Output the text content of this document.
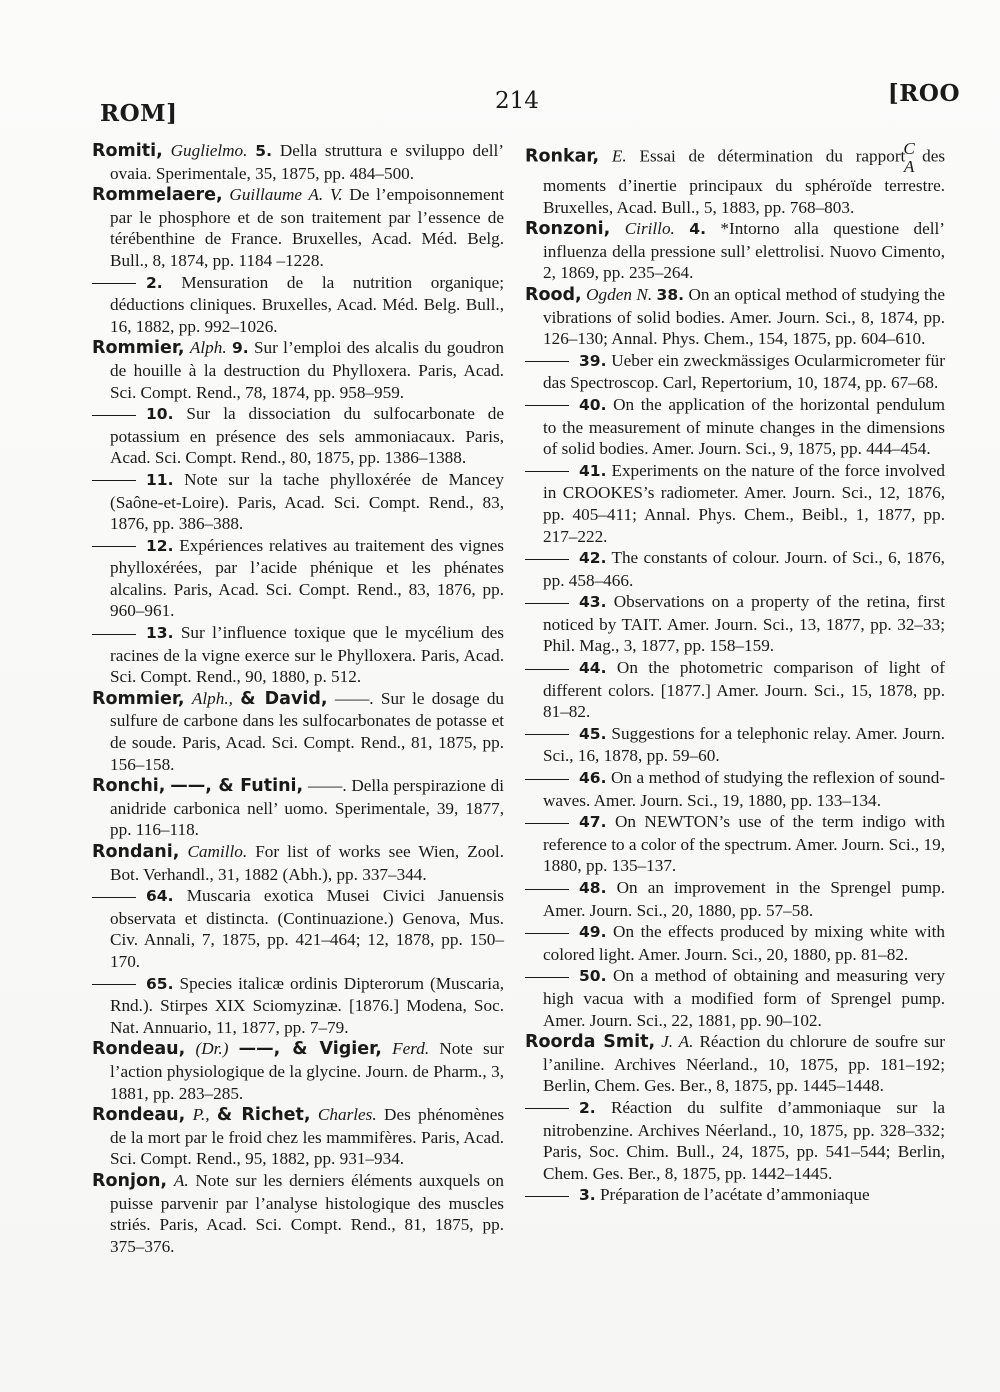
ROM]	214	[ROO
Romiti, Guglielmo. 5. Della struttura e sviluppo dell’ ovaia. Sperimentale, 35, 1875, pp. 484–500.
Rommelaere, Guillaume A. V. De l’empoisonnement par le phosphore et de son traitement par l’essence de térébenthine de France. Bruxelles, Acad. Méd. Belg. Bull., 8, 1874, pp. 1184 –1228.
2. Mensuration de la nutrition organique; déductions cliniques. Bruxelles, Acad. Méd. Belg. Bull., 16, 1882, pp. 992–1026.
Rommier, Alph. 9. Sur l’emploi des alcalis du goudron de houille à la destruction du Phylloxera. Paris, Acad. Sci. Compt. Rend., 78, 1874, pp. 958–959.
10. Sur la dissociation du sulfocarbonate de potassium en présence des sels ammoniacaux. Paris, Acad. Sci. Compt. Rend., 80, 1875, pp. 1386–1388.
11. Note sur la tache phylloxérée de Mancey (Saône-et-Loire). Paris, Acad. Sci. Compt. Rend., 83, 1876, pp. 386–388.
12. Expériences relatives au traitement des vignes phylloxérées, par l’acide phénique et les phénates alcalins. Paris, Acad. Sci. Compt. Rend., 83, 1876, pp. 960–961.
13. Sur l’influence toxique que le mycélium des racines de la vigne exerce sur le Phylloxera. Paris, Acad. Sci. Compt. Rend., 90, 1880, p. 512.
Rommier, Alph., & David, ——. Sur le dosage du sulfure de carbone dans les sulfocarbonates de potasse et de soude. Paris, Acad. Sci. Compt. Rend., 81, 1875, pp. 156–158.
Ronchi, ——, & Futini, ——. Della perspirazione di anidride carbonica nell’ uomo. Sperimentale, 39, 1877, pp. 116–118.
Rondani, Camillo. For list of works see Wien, Zool. Bot. Verhandl., 31, 1882 (Abh.), pp. 337–344.
64. Muscaria exotica Musei Civici Januensis observata et distincta. (Continuazione.) Genova, Mus. Civ. Annali, 7, 1875, pp. 421–464; 12, 1878, pp. 150–170.
65. Species italicæ ordinis Dipterorum (Muscaria, Rnd.). Stirpes XIX Sciomyzinæ. [1876.] Modena, Soc. Nat. Annuario, 11, 1877, pp. 7–79.
Rondeau, (Dr.) ——, & Vigier, Ferd. Note sur l’action physiologique de la glycine. Journ. de Pharm., 3, 1881, pp. 283–285.
Rondeau, P., & Richet, Charles. Des phénomènes de la mort par le froid chez les mammifères. Paris, Acad. Sci. Compt. Rend., 95, 1882, pp. 931–934.
Ronjon, A. Note sur les derniers éléments auxquels on puisse parvenir par l’analyse histologique des muscles striés. Paris, Acad. Sci. Compt. Rend., 81, 1875, pp. 375–376.
Ronkar, E. Essai de détermination du rapport $\frac{C}{A}$ des moments d’inertie principaux du sphéroïde terrestre. Bruxelles, Acad. Bull., 5, 1883, pp. 768–803.
Ronzoni, Cirillo. 4. *Intorno alla questione dell’ influenza della pressione sull’ elettrolisi. Nuovo Cimento, 2, 1869, pp. 235–264.
Rood, Ogden N. 38. On an optical method of studying the vibrations of solid bodies. Amer. Journ. Sci., 8, 1874, pp. 126–130; Annal. Phys. Chem., 154, 1875, pp. 604–610.
39. Ueber ein zweckmässiges Ocularmicrometer für das Spectroscop. Carl, Repertorium, 10, 1874, pp. 67–68.
40. On the application of the horizontal pendulum to the measurement of minute changes in the dimensions of solid bodies. Amer. Journ. Sci., 9, 1875, pp. 444–454.
41. Experiments on the nature of the force involved in CROOKES’s radiometer. Amer. Journ. Sci., 12, 1876, pp. 405–411; Annal. Phys. Chem., Beibl., 1, 1877, pp. 217–222.
42. The constants of colour. Journ. of Sci., 6, 1876, pp. 458–466.
43. Observations on a property of the retina, first noticed by TAIT. Amer. Journ. Sci., 13, 1877, pp. 32–33; Phil. Mag., 3, 1877, pp. 158–159.
44. On the photometric comparison of light of different colors. [1877.] Amer. Journ. Sci., 15, 1878, pp. 81–82.
45. Suggestions for a telephonic relay. Amer. Journ. Sci., 16, 1878, pp. 59–60.
46. On a method of studying the reflexion of sound-waves. Amer. Journ. Sci., 19, 1880, pp. 133–134.
47. On NEWTON’s use of the term indigo with reference to a color of the spectrum. Amer. Journ. Sci., 19, 1880, pp. 135–137.
48. On an improvement in the Sprengel pump. Amer. Journ. Sci., 20, 1880, pp. 57–58.
49. On the effects produced by mixing white with colored light. Amer. Journ. Sci., 20, 1880, pp. 81–82.
50. On a method of obtaining and measuring very high vacua with a modified form of Sprengel pump. Amer. Journ. Sci., 22, 1881, pp. 90–102.
Roorda Smit, J. A. Réaction du chlorure de soufre sur l’aniline. Archives Néerland., 10, 1875, pp. 181–192; Berlin, Chem. Ges. Ber., 8, 1875, pp. 1445–1448.
2. Réaction du sulfite d’ammoniaque sur la nitrobenzine. Archives Néerland., 10, 1875, pp. 328–332; Paris, Soc. Chim. Bull., 24, 1875, pp. 541–544; Berlin, Chem. Ges. Ber., 8, 1875, pp. 1442–1445.
3. Préparation de l’acétate d’ammoniaque
